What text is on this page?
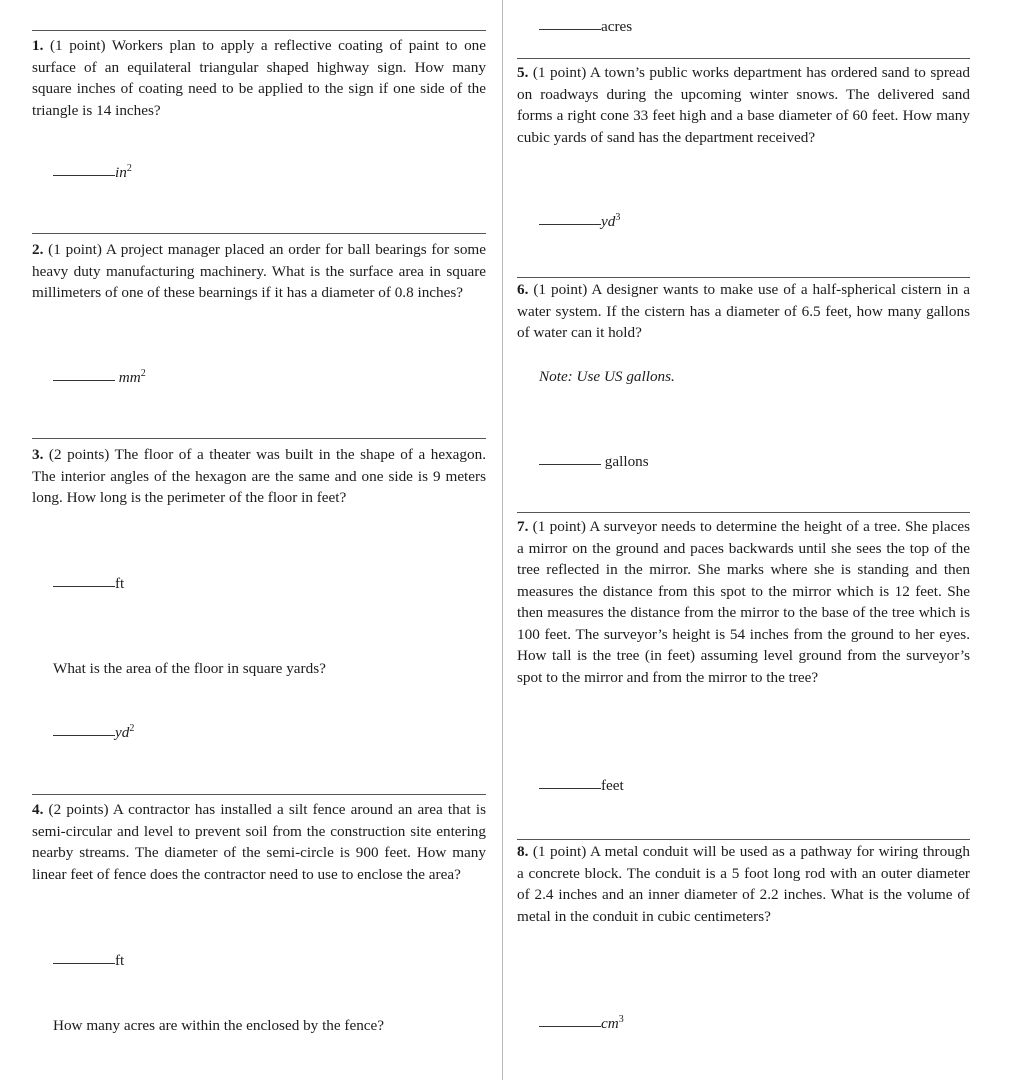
1. (1 point) Workers plan to apply a reflective coating of paint to one surface of an equilateral triangular shaped highway sign. How many square inches of coating need to be applied to the sign if one side of the triangle is 14 inches?
$in^2$
2. (1 point) A project manager placed an order for ball bearings for some heavy duty manufacturing machinery. What is the surface area in square millimeters of one of these bearnings if it has a diameter of 0.8 inches?
$mm^2$
3. (2 points) The floor of a theater was built in the shape of a hexagon. The interior angles of the hexagon are the same and one side is 9 meters long. How long is the perimeter of the floor in feet?
ft
What is the area of the floor in square yards?
$yd^2$
4. (2 points) A contractor has installed a silt fence around an area that is semi-circular and level to prevent soil from the construction site entering nearby streams. The diameter of the semi-circle is 900 feet. How many linear feet of fence does the contractor need to use to enclose the area?
ft
How many acres are within the enclosed by the fence?
acres
5. (1 point) A town’s public works department has ordered sand to spread on roadways during the upcoming winter snows. The delivered sand forms a right cone 33 feet high and a base diameter of 60 feet. How many cubic yards of sand has the department received?
$yd^3$
6. (1 point) A designer wants to make use of a half-spherical cistern in a water system. If the cistern has a diameter of 6.5 feet, how many gallons of water can it hold?
Note: Use US gallons.
gallons
7. (1 point) A surveyor needs to determine the height of a tree. She places a mirror on the ground and paces backwards until she sees the top of the tree reflected in the mirror. She marks where she is standing and then measures the distance from this spot to the mirror which is 12 feet. She then measures the distance from the mirror to the base of the tree which is 100 feet. The surveyor’s height is 54 inches from the ground to her eyes. How tall is the tree (in feet) assuming level ground from the surveyor’s spot to the mirror and from the mirror to the tree?
feet
8. (1 point) A metal conduit will be used as a pathway for wiring through a concrete block. The conduit is a 5 foot long rod with an outer diameter of 2.4 inches and an inner diameter of 2.2 inches. What is the volume of metal in the conduit in cubic centimeters?
$cm^3$
